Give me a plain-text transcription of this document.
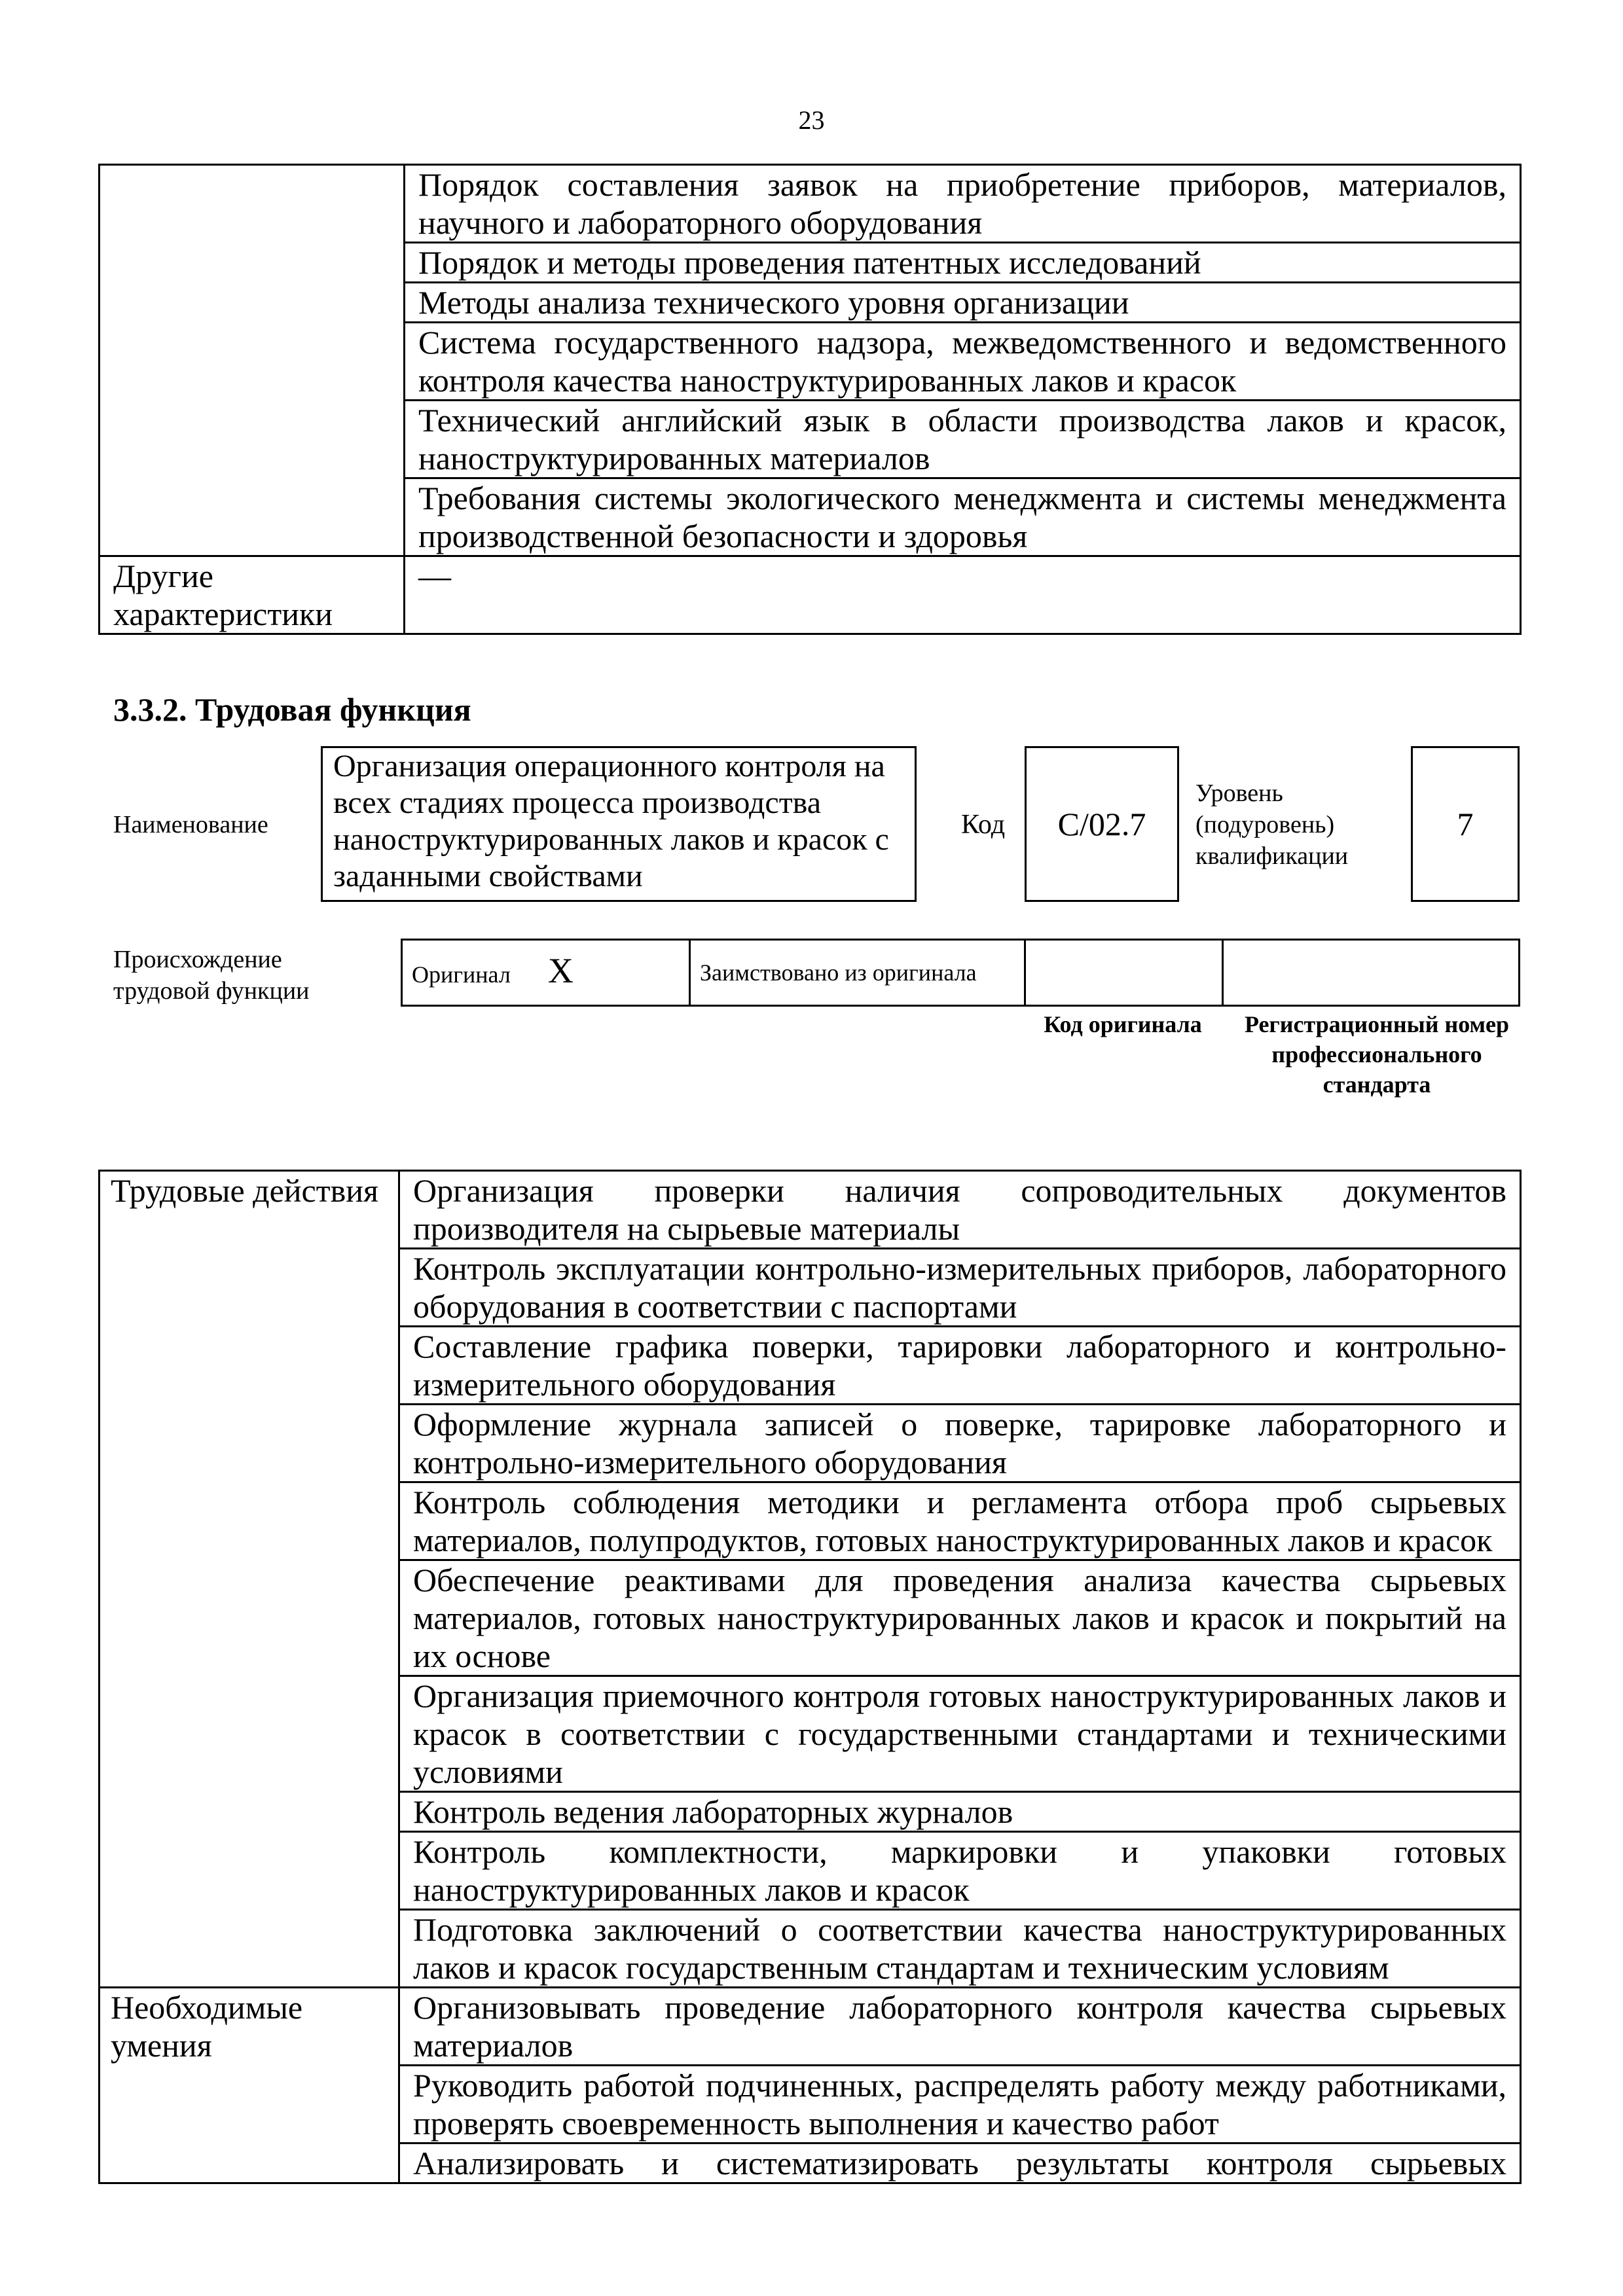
23
	Порядок составления заявок на приобретение приборов, материалов, научного и лабораторного оборудования
	Порядок и методы проведения патентных исследований
	Методы анализа технического уровня организации
	Система государственного надзора, межведомственного и ведомственного контроля качества наноструктурированных лаков и красок
	Технический английский язык в области производства лаков и красок, наноструктурированных материалов
	Требования системы экологического менеджмента и системы менеджмента производственной безопасности и здоровья
Другие характеристики	—
3.3.2. Трудовая функция
Наименование
Организация операционного контроля на всех стадиях процесса производства наноструктурированных лаков и красок с заданными свойствами
Код	C/02.7
Уровень (подуровень) квалификации
7
Происхождение трудовой функции
Оригинал X	Заимствовано из оригинала		
Код оригинала	Регистрационный номер профессионального стандарта
Трудовые действия	Организация проверки наличия сопроводительных документов производителя на сырьевые материалы
	Контроль эксплуатации контрольно-измерительных приборов, лабораторного оборудования в соответствии с паспортами
	Составление графика поверки, тарировки лабораторного и контрольно-измерительного оборудования
	Оформление журнала записей о поверке, тарировке лабораторного и контрольно-измерительного оборудования
	Контроль соблюдения методики и регламента отбора проб сырьевых материалов, полупродуктов, готовых наноструктурированных лаков и красок
	Обеспечение реактивами для проведения анализа качества сырьевых материалов, готовых наноструктурированных лаков и красок и покрытий на их основе
	Организация приемочного контроля готовых наноструктурированных лаков и красок в соответствии с государственными стандартами и техническими условиями
	Контроль ведения лабораторных журналов
	Контроль комплектности, маркировки и упаковки готовых наноструктурированных лаков и красок
	Подготовка заключений о соответствии качества наноструктурированных лаков и красок государственным стандартам и техническим условиям
Необходимые умения	Организовывать проведение лабораторного контроля качества сырьевых материалов
	Руководить работой подчиненных, распределять работу между работниками, проверять своевременность выполнения и качество работ
	Анализировать и систематизировать результаты контроля сырьевых
